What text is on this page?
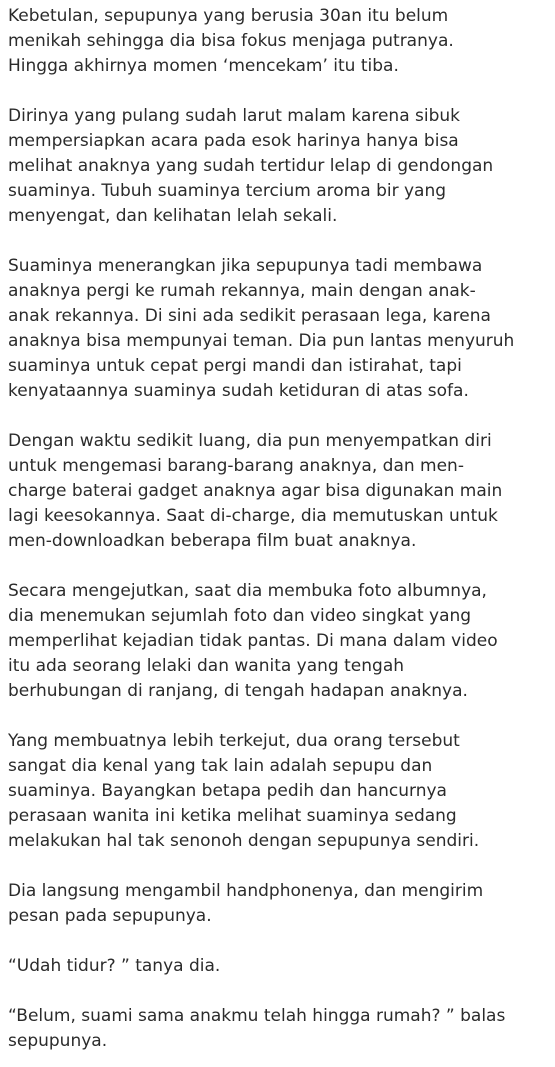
Kebetulan, sepupunya yang berusia 30an itu belum
menikah sehingga dia bisa fokus menjaga putranya.
Hingga akhirnya momen ‘mencekam’ itu tiba.

Dirinya yang pulang sudah larut malam karena sibuk
mempersiapkan acara pada esok harinya hanya bisa
melihat anaknya yang sudah tertidur lelap di gendongan
suaminya. Tubuh suaminya tercium aroma bir yang
menyengat, dan kelihatan lelah sekali.

Suaminya menerangkan jika sepupunya tadi membawa
anaknya pergi ke rumah rekannya, main dengan anak-
anak rekannya. Di sini ada sedikit perasaan lega, karena
anaknya bisa mempunyai teman. Dia pun lantas menyuruh
suaminya untuk cepat pergi mandi dan istirahat, tapi
kenyataannya suaminya sudah ketiduran di atas sofa.

Dengan waktu sedikit luang, dia pun menyempatkan diri
untuk mengemasi barang-barang anaknya, dan men-
charge baterai gadget anaknya agar bisa digunakan main
lagi keesokannya. Saat di-charge, dia memutuskan untuk
men-downloadkan beberapa film buat anaknya.

Secara mengejutkan, saat dia membuka foto albumnya,
dia menemukan sejumlah foto dan video singkat yang
memperlihat kejadian tidak pantas. Di mana dalam video
itu ada seorang lelaki dan wanita yang tengah
berhubungan di ranjang, di tengah hadapan anaknya.

Yang membuatnya lebih terkejut, dua orang tersebut
sangat dia kenal yang tak lain adalah sepupu dan
suaminya. Bayangkan betapa pedih dan hancurnya
perasaan wanita ini ketika melihat suaminya sedang
melakukan hal tak senonoh dengan sepupunya sendiri.

Dia langsung mengambil handphonenya, dan mengirim
pesan pada sepupunya.

“Udah tidur? ” tanya dia.

“Belum, suami sama anakmu telah hingga rumah? ” balas
sepupunya.
